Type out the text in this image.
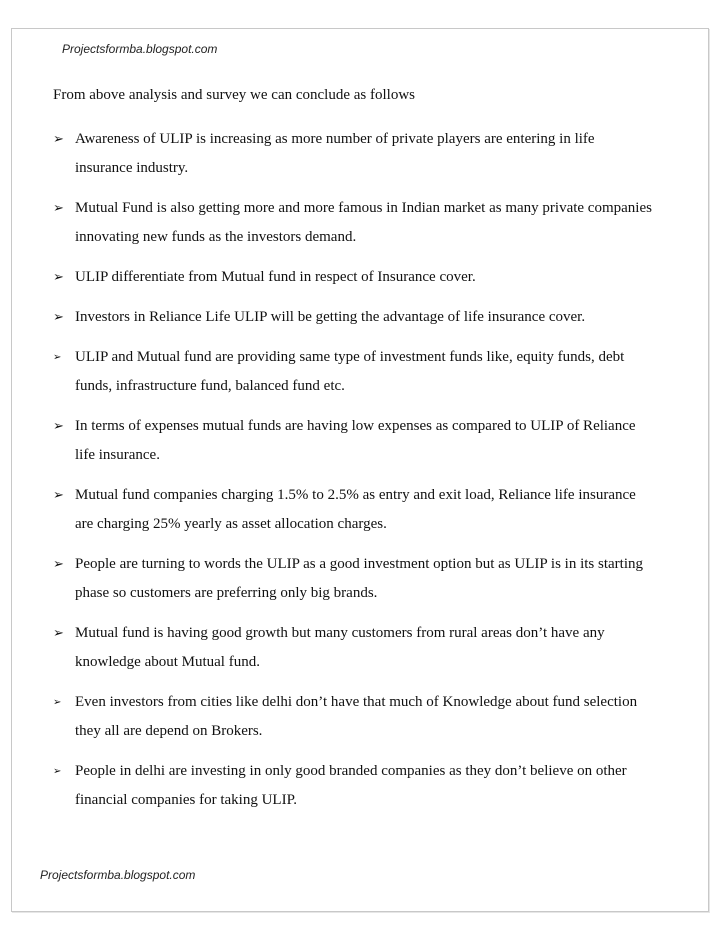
Projectsformba.blogspot.com
From above analysis and survey we can conclude as follows
➢ Awareness of ULIP is increasing as more number of private players are entering in life insurance industry.
➢ Mutual Fund is also getting more and more famous in Indian market as many private companies innovating new funds as the investors demand.
➢ ULIP differentiate from Mutual fund in respect of Insurance cover.
➢ Investors in Reliance Life ULIP will be getting the advantage of life insurance cover.
➢ ULIP and Mutual fund are providing same type of investment funds like, equity funds, debt funds, infrastructure fund, balanced fund etc.
➢ In terms of expenses mutual funds are having low expenses as compared to ULIP of Reliance life insurance.
➢ Mutual fund companies charging 1.5% to 2.5% as entry and exit load, Reliance life insurance are charging 25% yearly as asset allocation charges.
➢ People are turning to words the ULIP as a good investment option but as ULIP is in its starting phase so customers are preferring only big brands.
➢ Mutual fund is having good growth but many customers from rural areas don’t have any knowledge about Mutual fund.
➢ Even investors from cities like delhi don’t have that much of Knowledge about fund selection they all are depend on Brokers.
➢ People in delhi are investing in only good branded companies as they don’t believe on other financial companies for taking ULIP.
Projectsformba.blogspot.com
